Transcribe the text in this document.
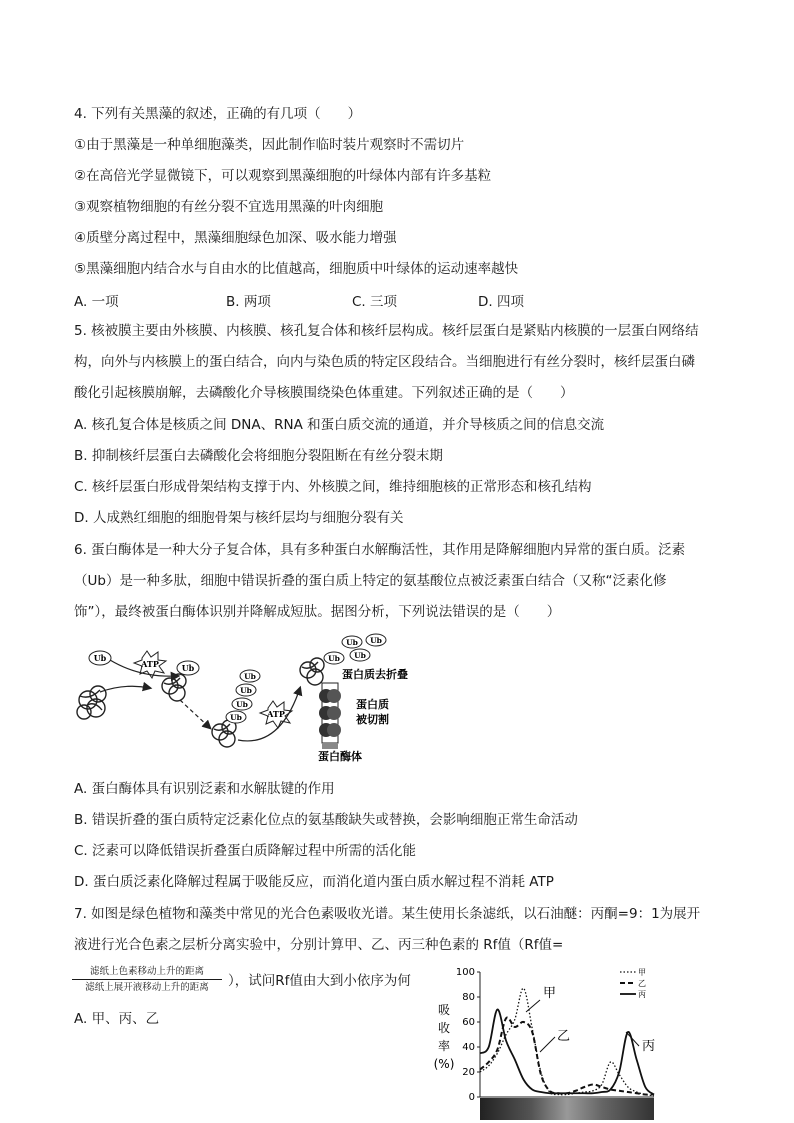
4. 下列有关黑藻的叙述，正确的有几项（　　）
①由于黑藻是一种单细胞藻类，因此制作临时装片观察时不需切片
②在高倍光学显微镜下，可以观察到黑藻细胞的叶绿体内部有许多基粒
③观察植物细胞的有丝分裂不宜选用黑藻的叶肉细胞
④质壁分离过程中，黑藻细胞绿色加深、吸水能力增强
⑤黑藻细胞内结合水与自由水的比值越高，细胞质中叶绿体的运动速率越快
A. 一项	B. 两项	C. 三项	D. 四项
5. 核被膜主要由外核膜、内核膜、核孔复合体和核纤层构成。核纤层蛋白是紧贴内核膜的一层蛋白网络结
构，向外与内核膜上的蛋白结合，向内与染色质的特定区段结合。当细胞进行有丝分裂时，核纤层蛋白磷
酸化引起核膜崩解，去磷酸化介导核膜围绕染色体重建。下列叙述正确的是（　　）
A. 核孔复合体是核质之间 DNA、RNA 和蛋白质交流的通道，并介导核质之间的信息交流
B. 抑制核纤层蛋白去磷酸化会将细胞分裂阻断在有丝分裂末期
C. 核纤层蛋白形成骨架结构支撑于内、外核膜之间，维持细胞核的正常形态和核孔结构
D. 人成熟红细胞的细胞骨架与核纤层均与细胞分裂有关
6. 蛋白酶体是一种大分子复合体，具有多种蛋白水解酶活性，其作用是降解细胞内异常的蛋白质。泛素
（Ub）是一种多肽，细胞中错误折叠的蛋白质上特定的氨基酸位点被泛素蛋白结合（又称“泛素化修
饰”），最终被蛋白酶体识别并降解成短肽。据图分析，下列说法错误的是（　　）
Ub
ATP	Ub
Ub
Ub
Ub
Ub	ATP
Ub Ub
Ub
Ub
蛋白质去折叠
蛋白质
被切割
蛋白酶体
A. 蛋白酶体具有识别泛素和水解肽键的作用
B. 错误折叠的蛋白质特定泛素化位点的氨基酸缺失或替换，会影响细胞正常生命活动
C. 泛素可以降低错误折叠蛋白质降解过程中所需的活化能
D. 蛋白质泛素化降解过程属于吸能反应，而消化道内蛋白质水解过程不消耗 ATP
7. 如图是绿色植物和藻类中常见的光合色素吸收光谱。某生使用长条滤纸，以石油醚：丙酮=9：1为展开
液进行光合色素之层析分离实验中，分别计算甲、乙、丙三种色素的 Rf值（Rf值=
滤纸上色素移动上升的距离
滤纸上展开液移动上升的距离	），试问Rf值由大到小依序为何
A. 甲、丙、乙
0
20
40
60
80
100
吸
收
率
(%)
甲
乙
丙
甲
乙
丙
